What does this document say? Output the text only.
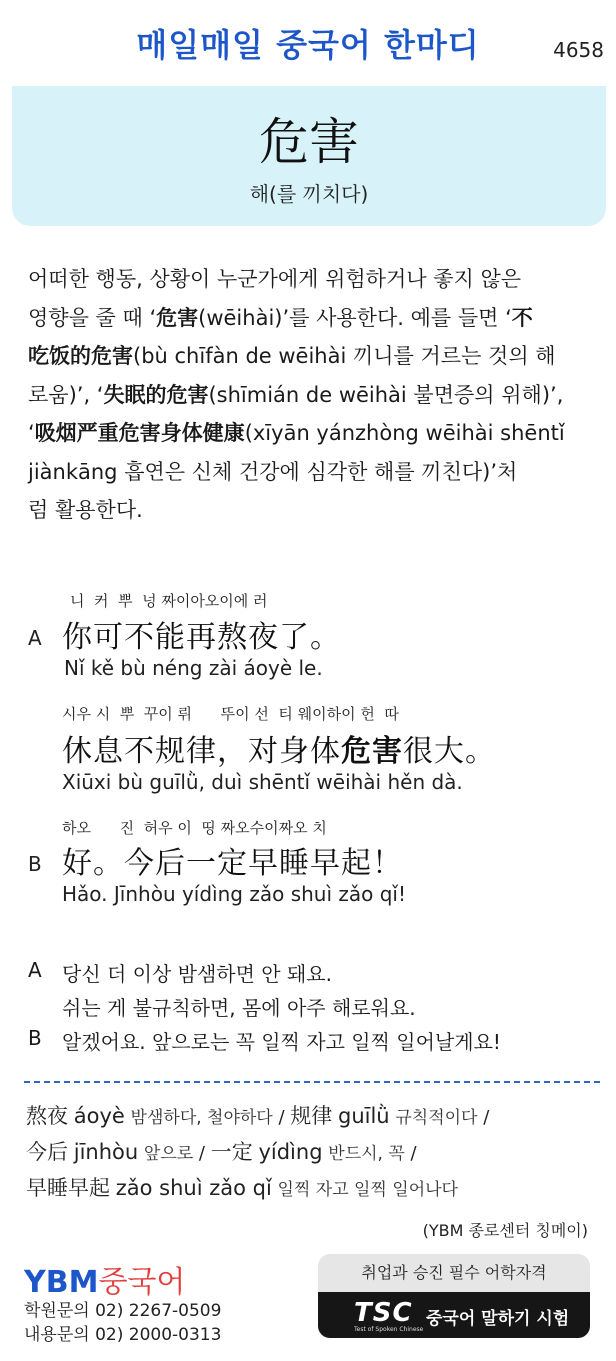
매일매일 중국어 한마디	4658
危害
해(를 끼치다)
어떠한 행동, 상황이 누군가에게 위험하거나 좋지 않은
영향을 줄 때 ‘危害(wēihài)’를 사용한다. 예를 들면 ‘不
吃饭的危害(bù chīfàn de wēihài 끼니를 거르는 것의 해
로움)’, ‘失眠的危害(shīmián de wēihài 불면증의 위해)’,
‘吸烟严重危害身体健康(xīyān yánzhòng wēihài shēntǐ
jiànkāng 흡연은 신체 건강에 심각한 해를 끼친다)’처
럼 활용한다.
니  커  뿌  넝 짜이아오이에 러
A 你可不能再熬夜了。
Nǐ kě bù néng zài áoyè le.
시우 시  뿌  꾸이 뤼      뚜이 선  티 웨이하이 헌  따
休息不规律，对身体危害很大。
Xiūxi bù guīlǜ, duì shēntǐ wēihài hěn dà.
하오      진  허우 이  띵 짜오수이짜오 치
B 好。今后一定早睡早起！
Hǎo. Jīnhòu yídìng zǎo shuì zǎo qǐ!
A 당신 더 이상 밤샘하면 안 돼요.
쉬는 게 불규칙하면, 몸에 아주 해로워요.
B 알겠어요. 앞으로는 꼭 일찍 자고 일찍 일어날게요!
熬夜 áoyè 밤샘하다, 철야하다 / 规律 guīlǜ 규칙적이다 /
今后 jīnhòu 앞으로 / 一定 yídìng 반드시, 꼭 /
早睡早起 zǎo shuì zǎo qǐ 일찍 자고 일찍 일어나다
(YBM 종로센터 칭메이)
YBM중국어
학원문의 02) 2267-0509
내용문의 02) 2000-0313
취업과 승진 필수 어학자격
TSC
Test of Spoken Chinese
중국어 말하기 시험
